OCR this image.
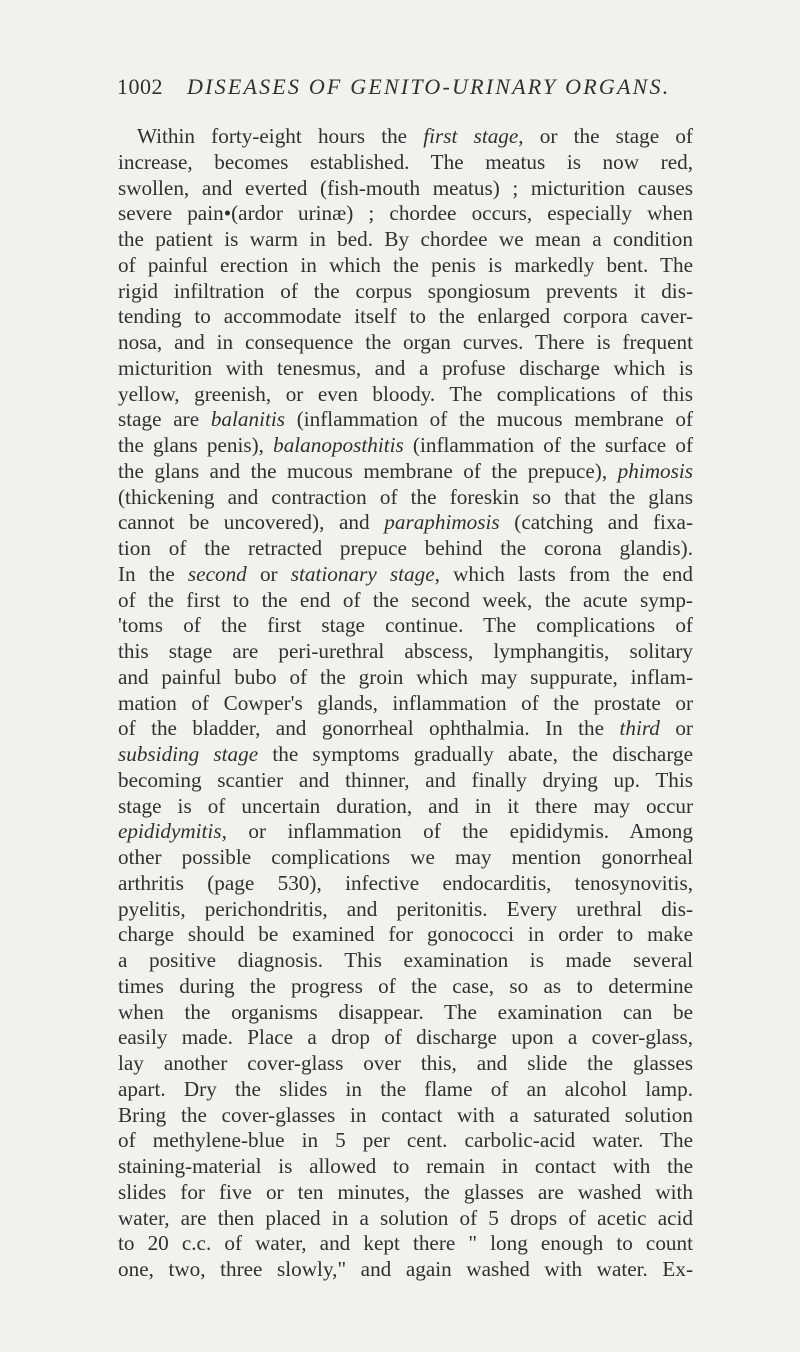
1002 DISEASES OF GENITO-URINARY ORGANS.
Within forty-eight hours the first stage, or the stage of
increase, becomes established. The meatus is now red,
swollen, and everted (fish-mouth meatus) ; micturition causes
severe pain•(ardor urinæ) ; chordee occurs, especially when
the patient is warm in bed. By chordee we mean a condition
of painful erection in which the penis is markedly bent. The
rigid infiltration of the corpus spongiosum prevents it dis-
tending to accommodate itself to the enlarged corpora caver-
nosa, and in consequence the organ curves. There is frequent
micturition with tenesmus, and a profuse discharge which is
yellow, greenish, or even bloody. The complications of this
stage are balanitis (inflammation of the mucous membrane of
the glans penis), balanoposthitis (inflammation of the surface of
the glans and the mucous membrane of the prepuce), phimosis
(thickening and contraction of the foreskin so that the glans
cannot be uncovered), and paraphimosis (catching and fixa-
tion of the retracted prepuce behind the corona glandis).
In the second or stationary stage, which lasts from the end
of the first to the end of the second week, the acute symp-
'toms of the first stage continue. The complications of
this stage are peri-urethral abscess, lymphangitis, solitary
and painful bubo of the groin which may suppurate, inflam-
mation of Cowper's glands, inflammation of the prostate or
of the bladder, and gonorrheal ophthalmia. In the third or
subsiding stage the symptoms gradually abate, the discharge
becoming scantier and thinner, and finally drying up. This
stage is of uncertain duration, and in it there may occur
epididymitis, or inflammation of the epididymis. Among
other possible complications we may mention gonorrheal
arthritis (page 530), infective endocarditis, tenosynovitis,
pyelitis, perichondritis, and peritonitis. Every urethral dis-
charge should be examined for gonococci in order to make
a positive diagnosis. This examination is made several
times during the progress of the case, so as to determine
when the organisms disappear. The examination can be
easily made. Place a drop of discharge upon a cover-glass,
lay another cover-glass over this, and slide the glasses
apart. Dry the slides in the flame of an alcohol lamp.
Bring the cover-glasses in contact with a saturated solution
of methylene-blue in 5 per cent. carbolic-acid water. The
staining-material is allowed to remain in contact with the
slides for five or ten minutes, the glasses are washed with
water, are then placed in a solution of 5 drops of acetic acid
to 20 c.c. of water, and kept there " long enough to count
one, two, three slowly," and again washed with water. Ex-
